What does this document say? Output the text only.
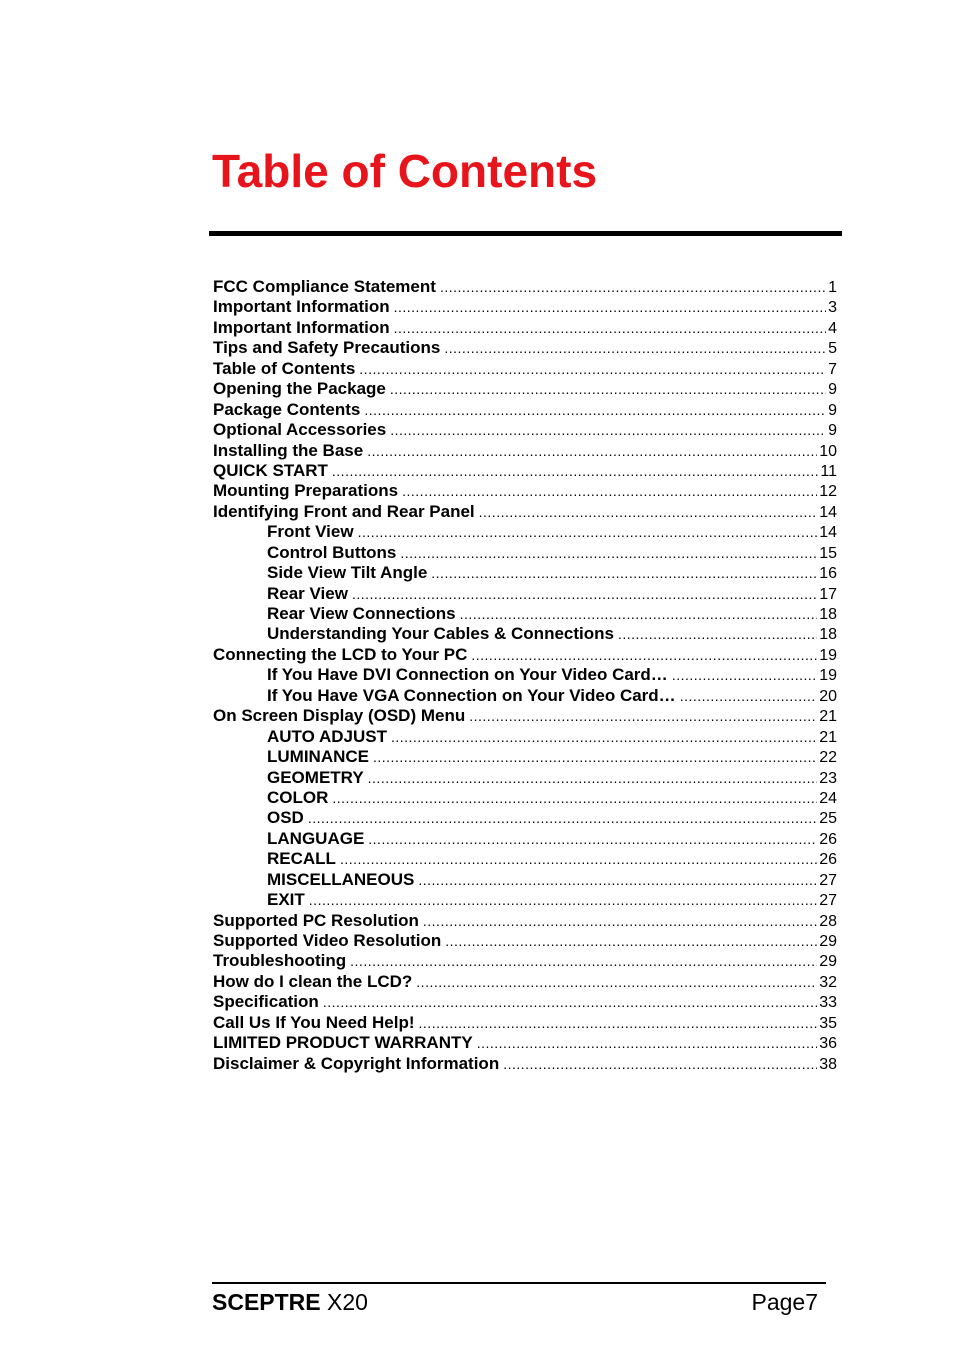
Table of Contents
FCC Compliance Statement .....	1
Important Information .....	3
Important Information .....	4
Tips and Safety Precautions .....	5
Table of Contents .....	7
Opening the Package .....	9
Package Contents .....	9
Optional Accessories .....	9
Installing the Base .....	10
QUICK START .....	11
Mounting Preparations .....	12
Identifying Front and Rear Panel .....	14
Front View .....	14
Control Buttons .....	15
Side View Tilt Angle .....	16
Rear View .....	17
Rear View Connections .....	18
Understanding Your Cables & Connections .....	18
Connecting the LCD to Your PC .....	19
If You Have DVI Connection on Your Video Card… .....	19
If You Have VGA Connection on Your Video Card… .....	20
On Screen Display (OSD) Menu .....	21
AUTO ADJUST .....	21
LUMINANCE .....	22
GEOMETRY .....	23
COLOR .....	24
OSD .....	25
LANGUAGE .....	26
RECALL .....	26
MISCELLANEOUS .....	27
EXIT .....	27
Supported PC Resolution .....	28
Supported Video Resolution .....	29
Troubleshooting .....	29
How do I clean the LCD? .....	32
Specification .....	33
Call Us If You Need Help! .....	35
LIMITED PRODUCT WARRANTY .....	36
Disclaimer & Copyright Information .....	38
SCEPTRE X20	Page7
